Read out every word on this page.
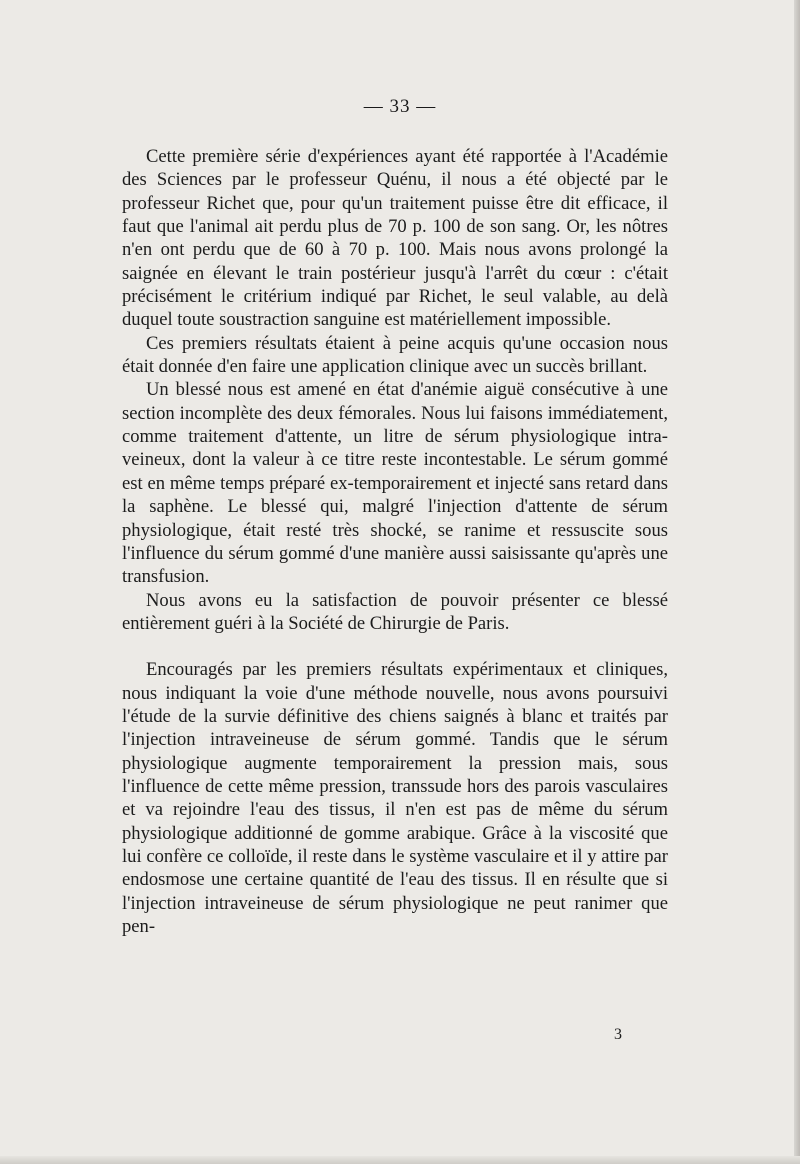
— 33 —

Cette première série d'expériences ayant été rapportée à l'Académie des Sciences par le professeur Quénu, il nous a été objecté par le professeur Richet que, pour qu'un traitement puisse être dit efficace, il faut que l'animal ait perdu plus de 70 p. 100 de son sang. Or, les nôtres n'en ont perdu que de 60 à 70 p. 100. Mais nous avons prolongé la saignée en élevant le train postérieur jusqu'à l'arrêt du cœur : c'était précisément le critérium indiqué par Richet, le seul valable, au delà duquel toute soustraction sanguine est matériellement impossible.

Ces premiers résultats étaient à peine acquis qu'une occasion nous était donnée d'en faire une application clinique avec un succès brillant.

Un blessé nous est amené en état d'anémie aiguë consécutive à une section incomplète des deux fémorales. Nous lui faisons immédiatement, comme traitement d'attente, un litre de sérum physiologique intra-veineux, dont la valeur à ce titre reste incontestable. Le sérum gommé est en même temps préparé ex-temporairement et injecté sans retard dans la saphène. Le blessé qui, malgré l'injection d'attente de sérum physiologique, était resté très shocké, se ranime et ressuscite sous l'influence du sérum gommé d'une manière aussi saisissante qu'après une transfusion.

Nous avons eu la satisfaction de pouvoir présenter ce blessé entièrement guéri à la Société de Chirurgie de Paris.

Encouragés par les premiers résultats expérimentaux et cliniques, nous indiquant la voie d'une méthode nouvelle, nous avons poursuivi l'étude de la survie définitive des chiens saignés à blanc et traités par l'injection intraveineuse de sérum gommé. Tandis que le sérum physiologique augmente temporairement la pression mais, sous l'influence de cette même pression, transsude hors des parois vasculaires et va rejoindre l'eau des tissus, il n'en est pas de même du sérum physiologique additionné de gomme arabique. Grâce à la viscosité que lui confère ce colloïde, il reste dans le système vasculaire et il y attire par endosmose une certaine quantité de l'eau des tissus. Il en résulte que si l'injection intraveineuse de sérum physiologique ne peut ranimer que pen-

3
